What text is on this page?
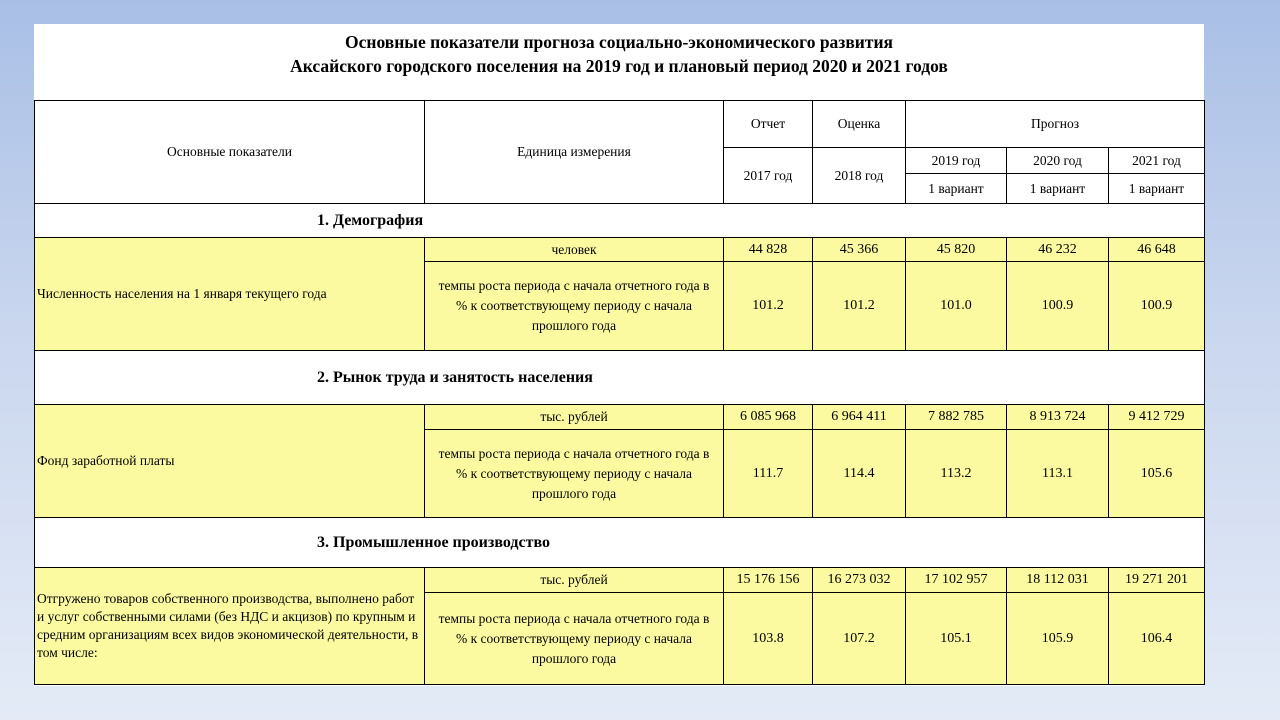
Основные показатели прогноза социально-экономического развития
Аксайского городского поселения на 2019 год и плановый период 2020 и 2021 годов
Основные показатели	Единица измерения	Отчет	Оценка	Прогноз		
		2017 год	2018 год	2019 год	2020 год	2021 год
				1 вариант	1 вариант	1 вариант
1. Демография						
Численность населения на 1 января текущего года	человек	44 828	45 366	45 820	46 232	46 648
	темпы роста периода с начала отчетного года в % к соответствующему периоду с начала прошлого года	101.2	101.2	101.0	100.9	100.9
2. Рынок труда и занятость населения						
Фонд заработной платы	тыс. рублей	6 085 968	6 964 411	7 882 785	8 913 724	9 412 729
	темпы роста периода с начала отчетного года в % к соответствующему периоду с начала прошлого года	111.7	114.4	113.2	113.1	105.6
3. Промышленное производство						
Отгружено товаров собственного производства, выполнено работ и услуг собственными силами (без НДС и акцизов) по крупным и средним организациям всех видов экономической деятельности, в том числе:	тыс. рублей	15 176 156	16 273 032	17 102 957	18 112 031	19 271 201
	темпы роста периода с начала отчетного года в % к соответствующему периоду с начала прошлого года	103.8	107.2	105.1	105.9	106.4
